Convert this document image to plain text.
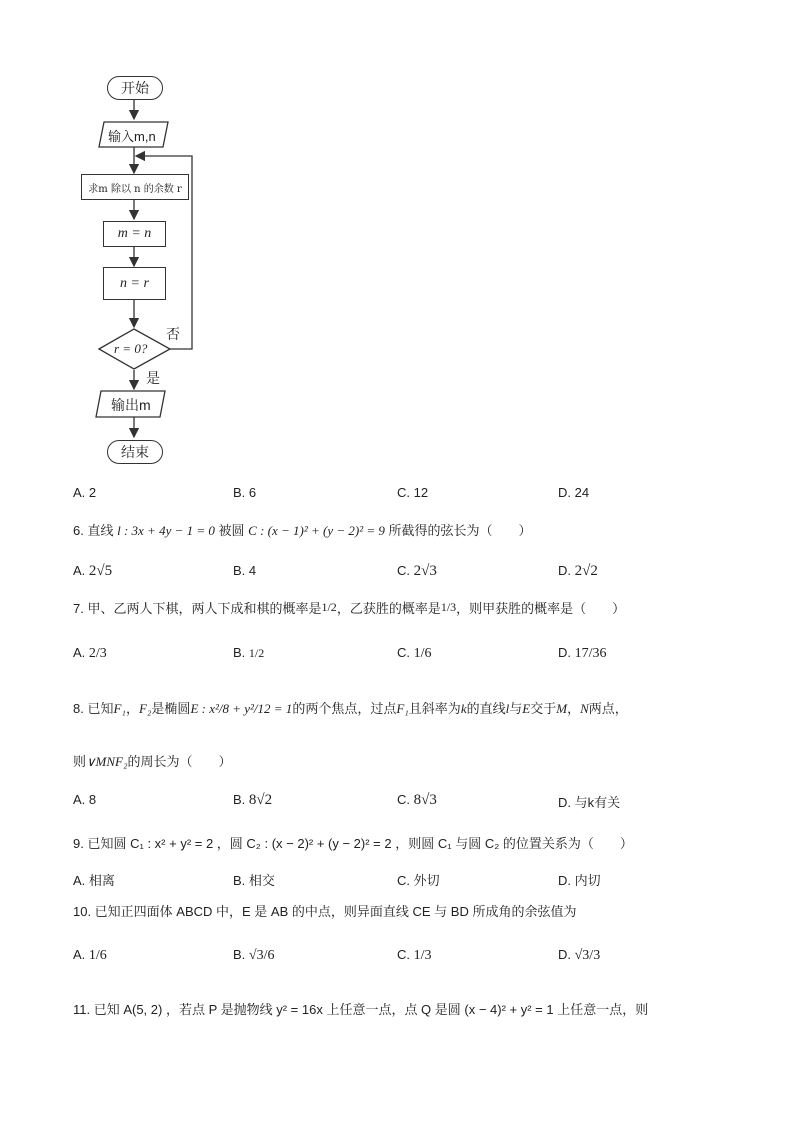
开始
输入m,n
求m 除以 n 的余数 r
m = n
n = r
r = 0?
否
是
输出m
结束
A. 2	B. 6	C. 12	D. 24
6. 直线 l : 3x + 4y − 1 = 0 被圆 C : (x − 1)² + (y − 2)² = 9 所截得的弦长为（　　）
A. 2√5	B. 4	C. 2√3	D. 2√2
7. 甲、乙两人下棋，两人下成和棋的概率是 1/2 ，乙获胜的概率是 1/3 ，则甲获胜的概率是（　　）
A. 2/3	B. 1/2	C. 1/6	D. 17/36
8. 已知F₁，F₂是椭圆E : x²/8 + y²/12 = 1的两个焦点，过点F₁且斜率为k的直线l与E交于M，N两点，
则∨MNF₂的周长为（　　）
A. 8	B. 8√2	C. 8√3	D. 与k有关
9. 已知圆 C₁ : x² + y² = 2 ，圆 C₂ : (x − 2)² + (y − 2)² = 2 ，则圆 C₁ 与圆 C₂ 的位置关系为（　　）
A. 相离	B. 相交	C. 外切	D. 内切
10. 已知正四面体 ABCD 中，E 是 AB 的中点，则异面直线 CE 与 BD 所成角的余弦值为
A. 1/6	B. √3/6	C. 1/3	D. √3/3
11. 已知 A(5, 2) ，若点 P 是抛物线 y² = 16x 上任意一点，点 Q 是圆 (x − 4)² + y² = 1 上任意一点，则
